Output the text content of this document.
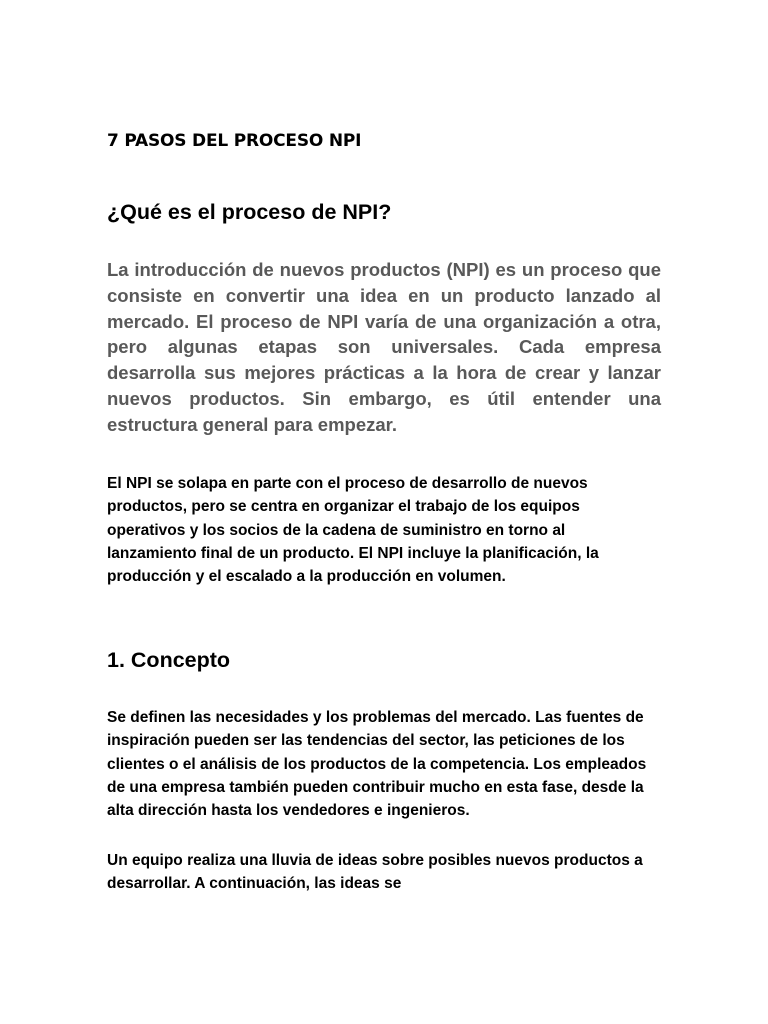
7 PASOS DEL PROCESO NPI
¿Qué es el proceso de NPI?

La introducción de nuevos productos (NPI) es un proceso que consiste en convertir una idea en un producto lanzado al mercado. El proceso de NPI varía de una organización a otra, pero algunas etapas son universales. Cada empresa desarrolla sus mejores prácticas a la hora de crear y lanzar nuevos productos. Sin embargo, es útil entender una estructura general para empezar.

El NPI se solapa en parte con el proceso de desarrollo de nuevos productos, pero se centra en organizar el trabajo de los equipos operativos y los socios de la cadena de suministro en torno al lanzamiento final de un producto. El NPI incluye la planificación, la producción y el escalado a la producción en volumen.

1. Concepto

Se definen las necesidades y los problemas del mercado. Las fuentes de inspiración pueden ser las tendencias del sector, las peticiones de los clientes o el análisis de los productos de la competencia. Los empleados de una empresa también pueden contribuir mucho en esta fase, desde la alta dirección hasta los vendedores e ingenieros.

Un equipo realiza una lluvia de ideas sobre posibles nuevos productos a desarrollar. A continuación, las ideas se
